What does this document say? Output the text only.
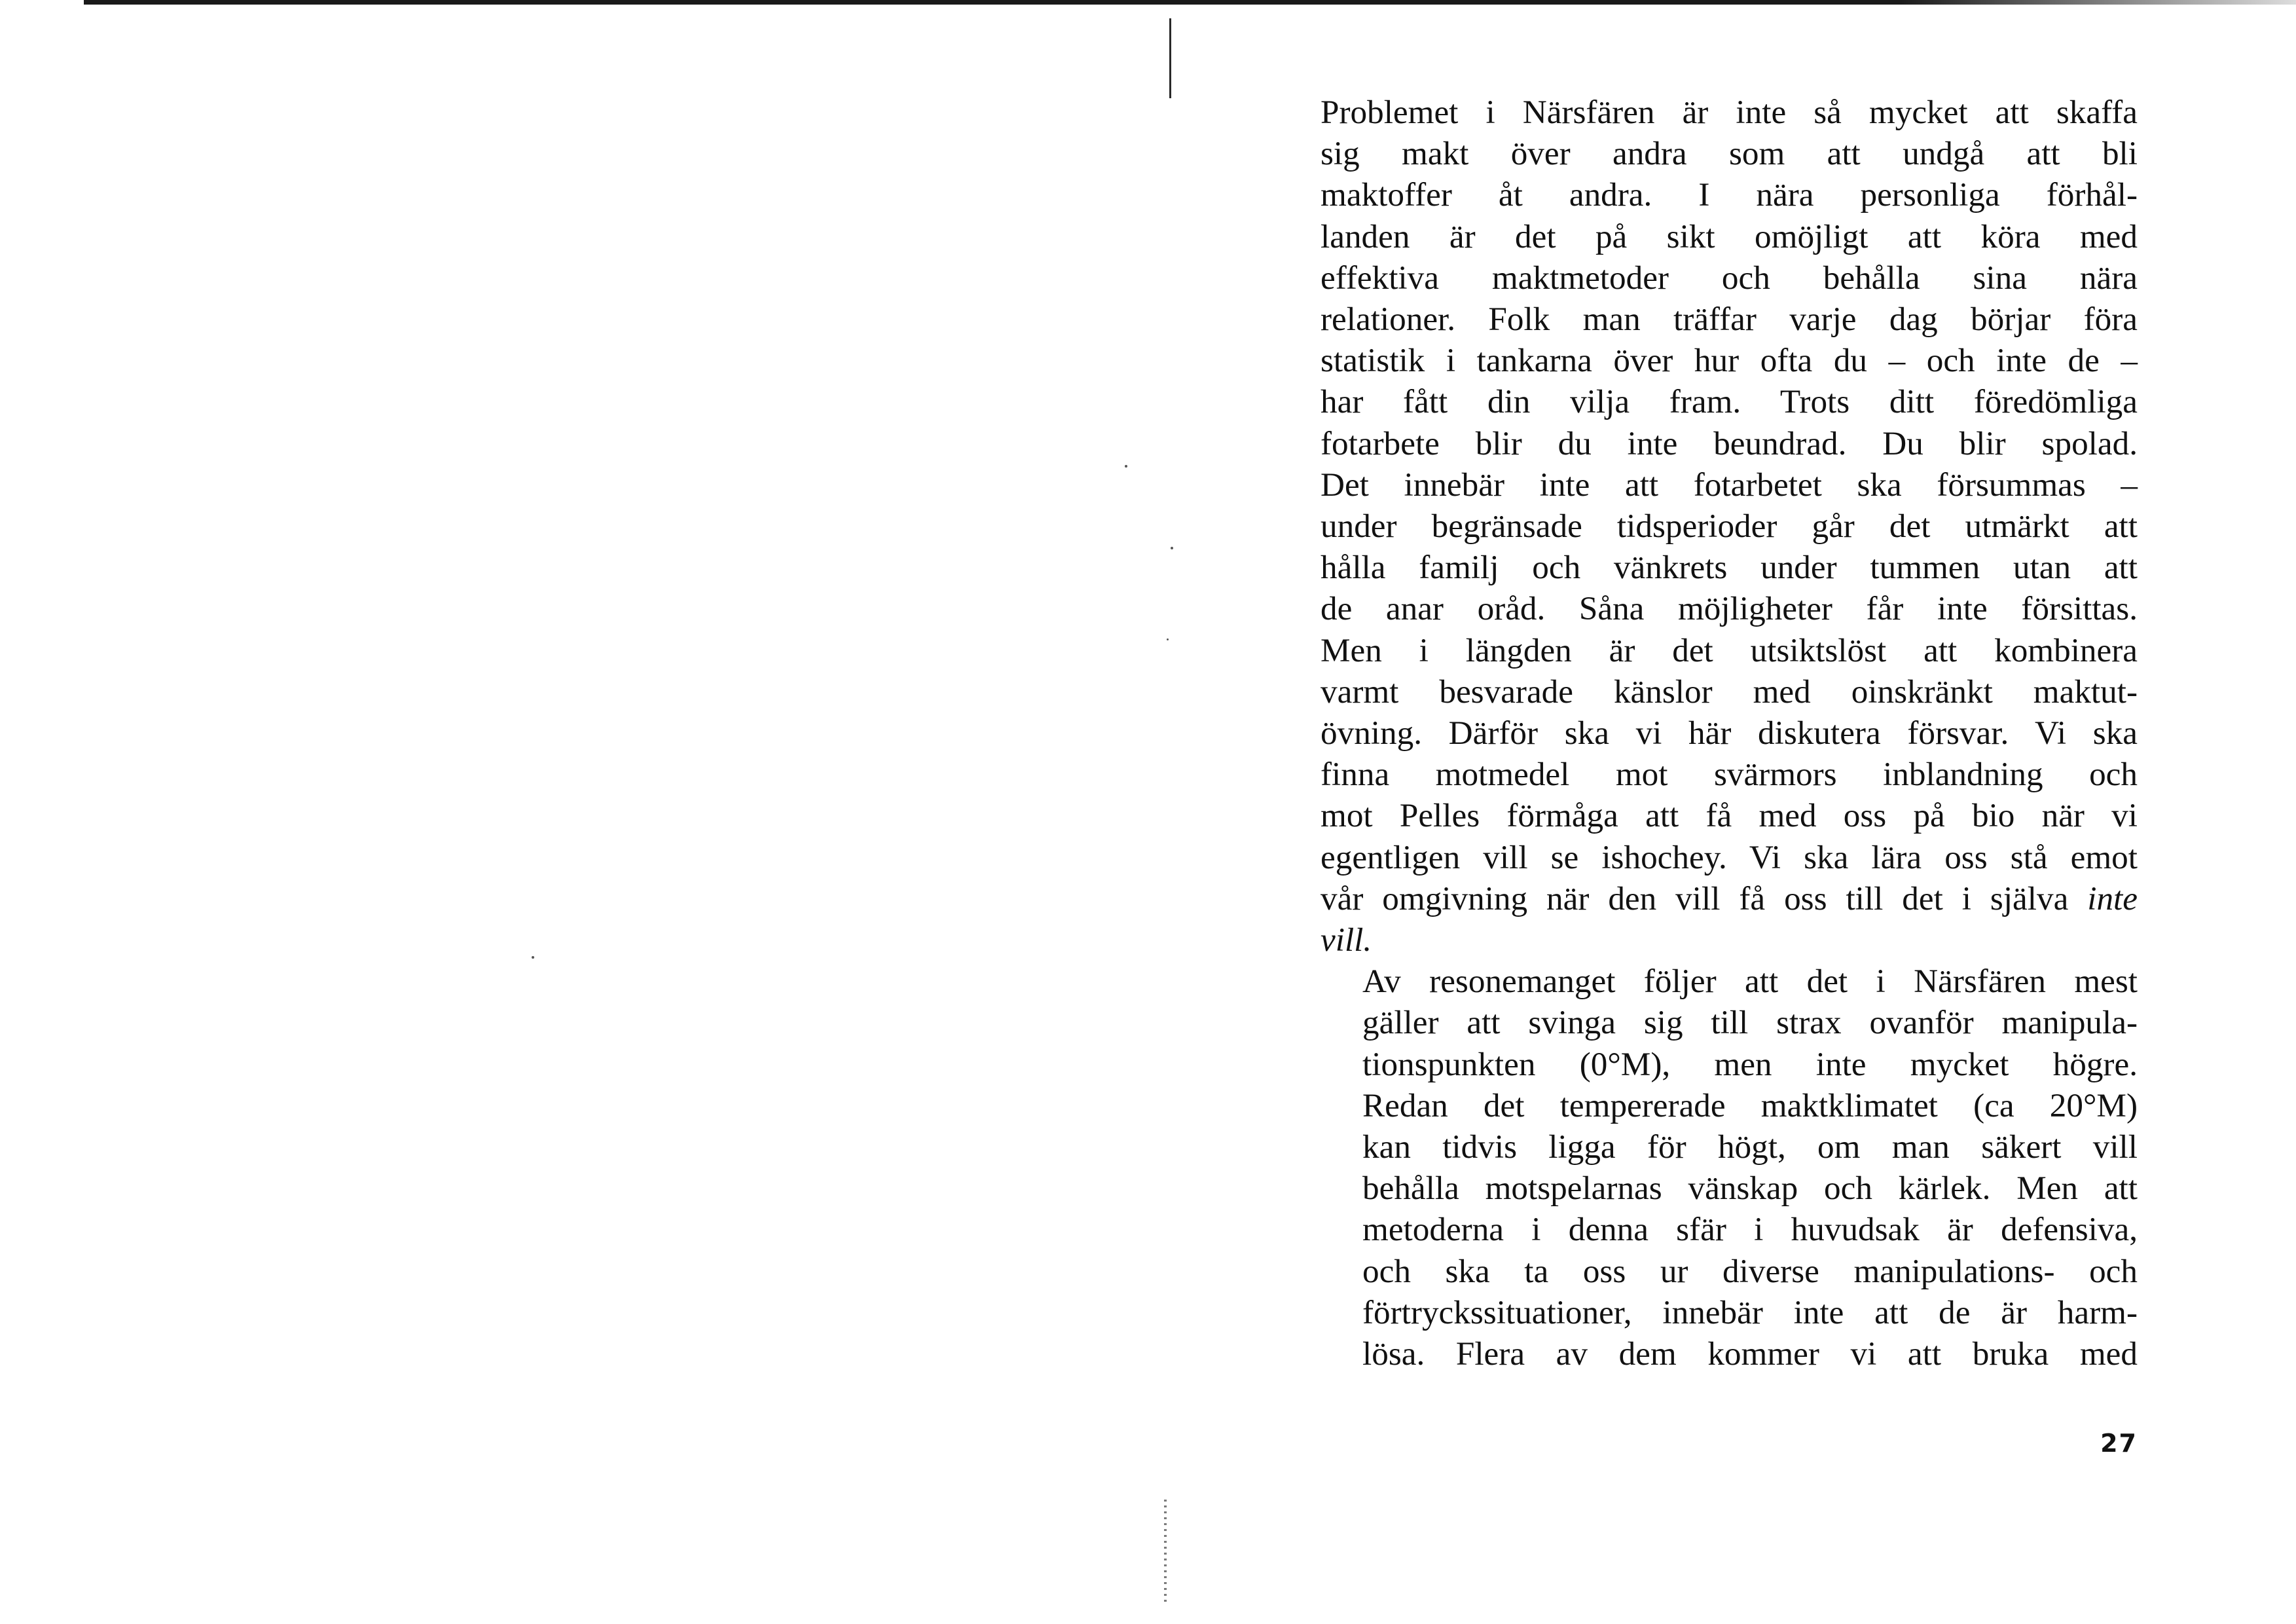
Problemet i Närsfären är inte så mycket att skaffa
sig makt över andra som att undgå att bli
maktoffer åt andra. I nära personliga förhål-
landen är det på sikt omöjligt att köra med
effektiva maktmetoder och behålla sina nära
relationer. Folk man träffar varje dag börjar föra
statistik i tankarna över hur ofta du – och inte de –
har fått din vilja fram. Trots ditt föredömliga
fotarbete blir du inte beundrad. Du blir spolad.
Det innebär inte att fotarbetet ska försummas –
under begränsade tidsperioder går det utmärkt att
hålla familj och vänkrets under tummen utan att
de anar oråd. Såna möjligheter får inte försittas.
Men i längden är det utsiktslöst att kombinera
varmt besvarade känslor med oinskränkt maktut-
övning. Därför ska vi här diskutera försvar. Vi ska
finna motmedel mot svärmors inblandning och
mot Pelles förmåga att få med oss på bio när vi
egentligen vill se ishochey. Vi ska lära oss stå emot
vår omgivning när den vill få oss till det i själva inte
vill.

Av resonemanget följer att det i Närsfären mest
gäller att svinga sig till strax ovanför manipula-
tionspunkten (0°M), men inte mycket högre.
Redan det tempererade maktklimatet (ca 20°M)
kan tidvis ligga för högt, om man säkert vill
behålla motspelarnas vänskap och kärlek. Men att
metoderna i denna sfär i huvudsak är defensiva,
och ska ta oss ur diverse manipulations- och
förtryckssituationer, innebär inte att de är harm-
lösa. Flera av dem kommer vi att bruka med

27
